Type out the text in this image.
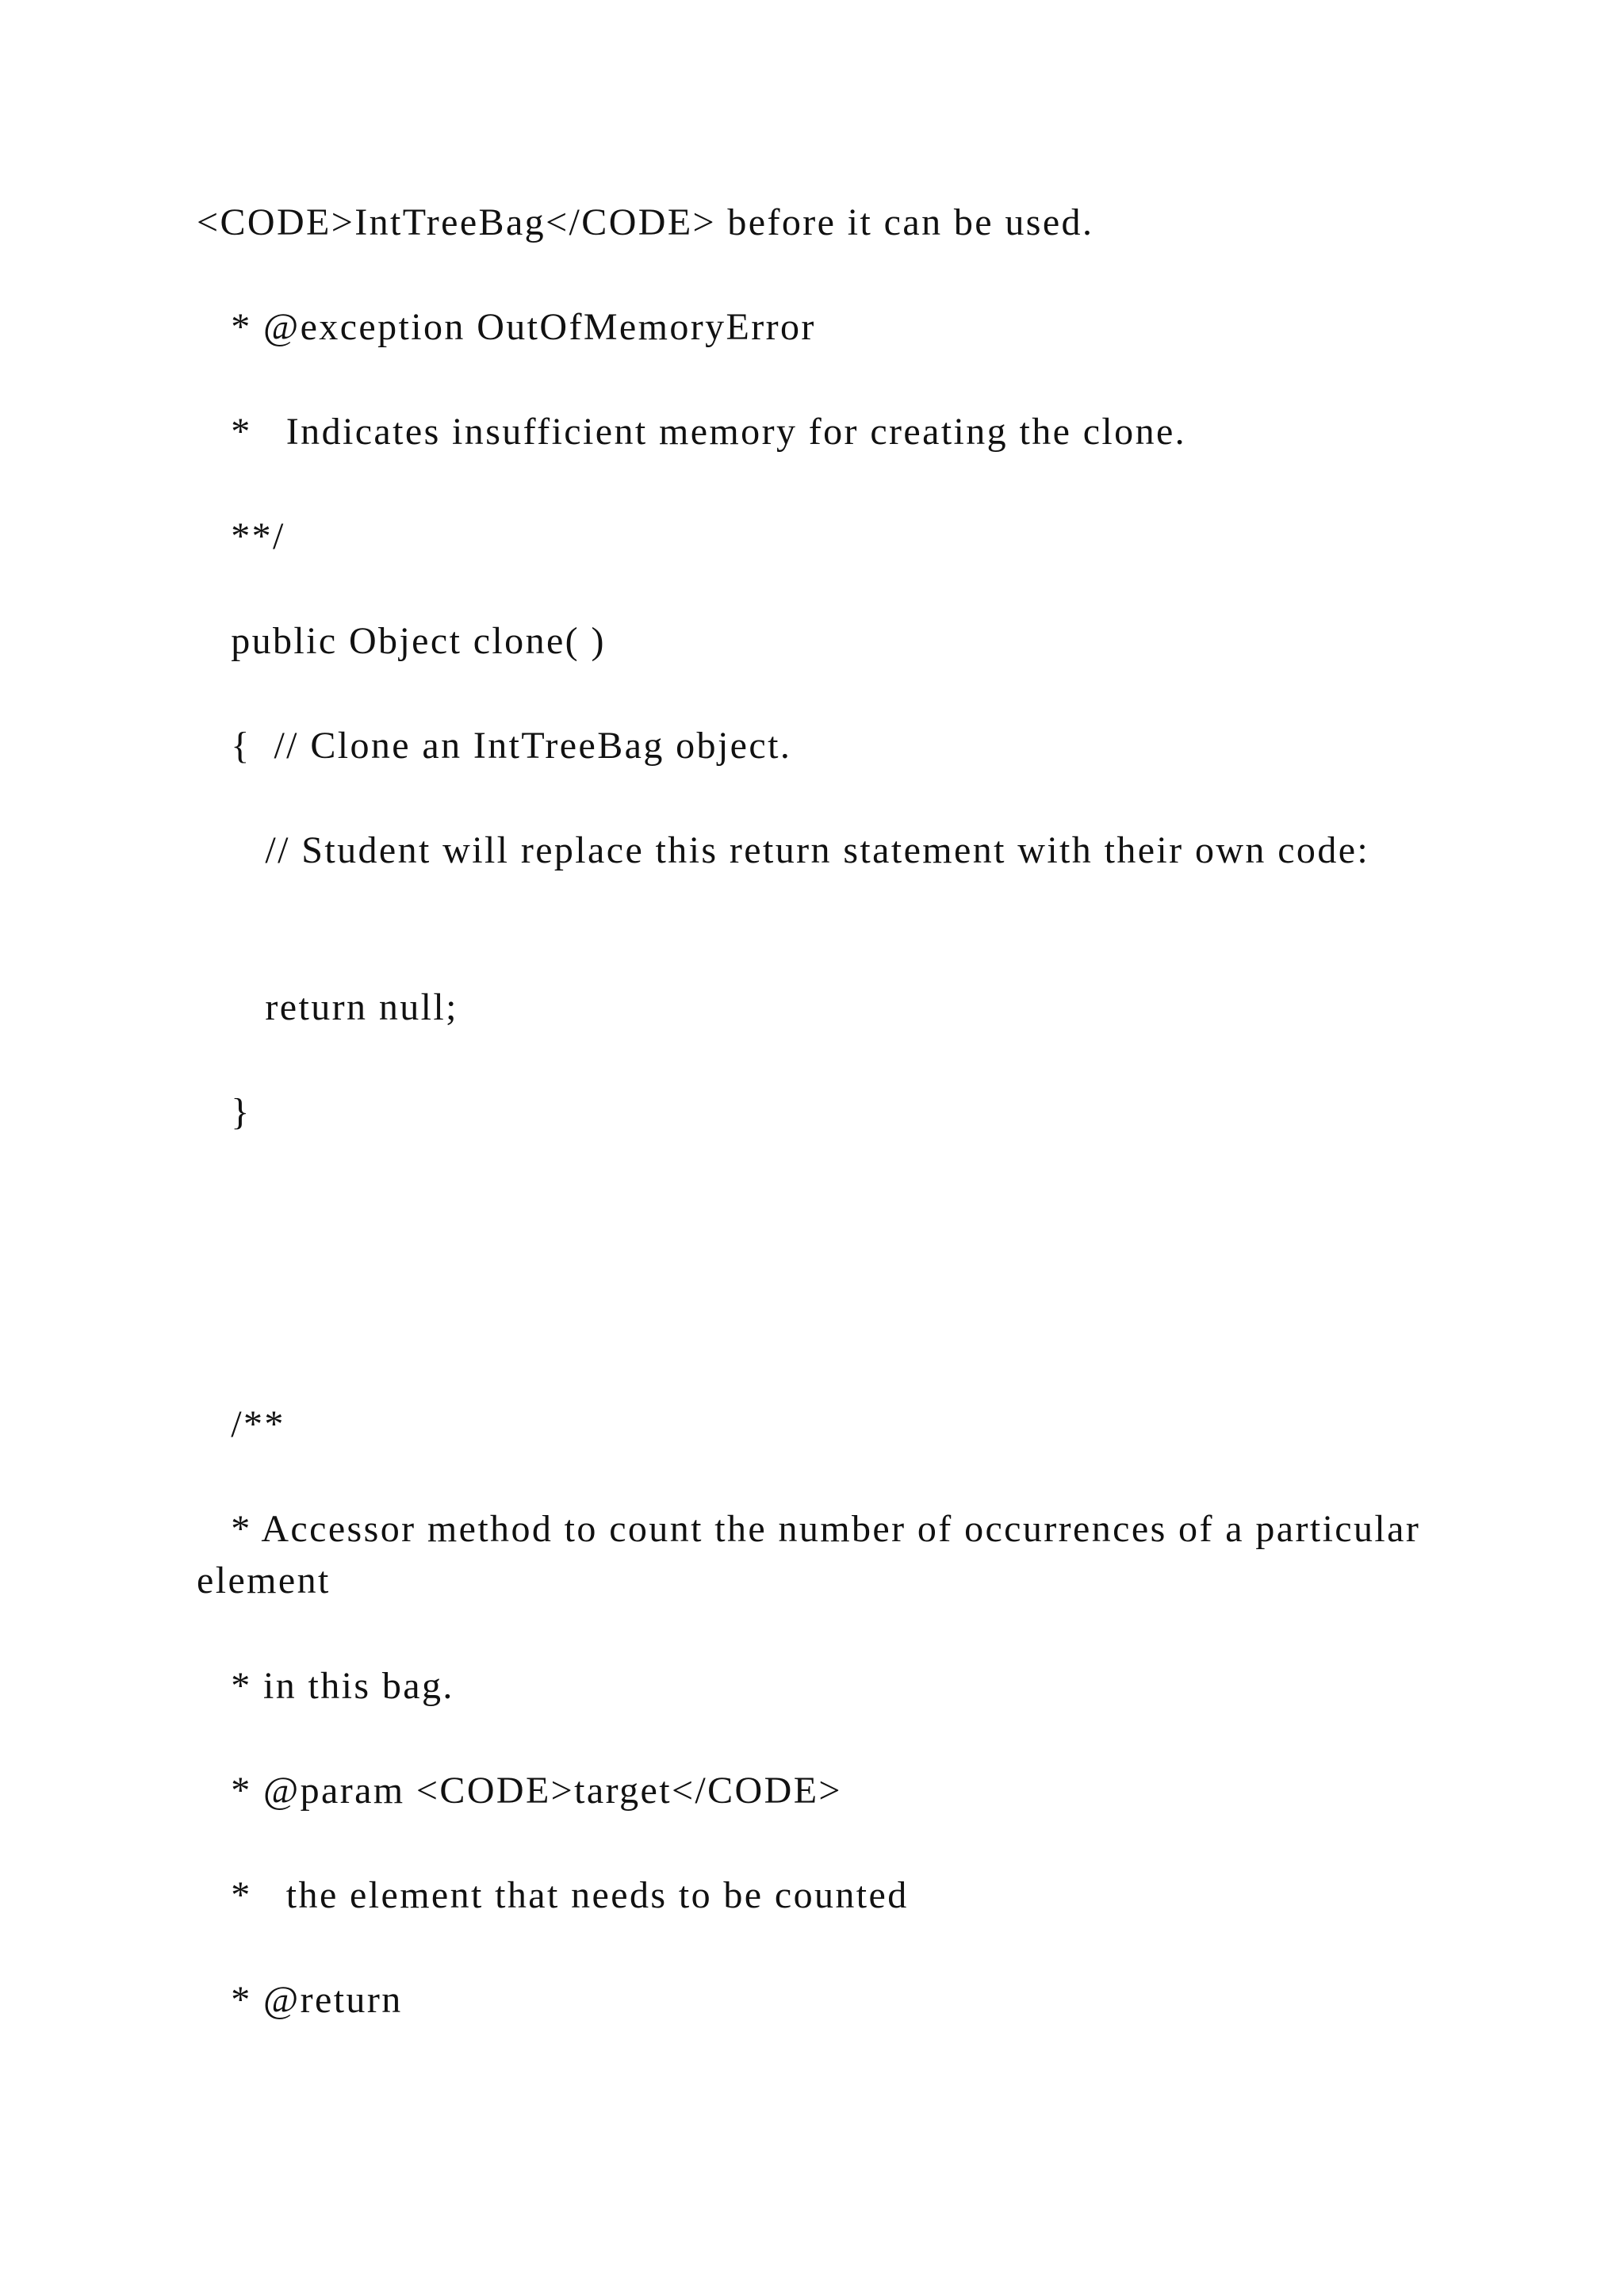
<CODE>IntTreeBag</CODE> before it can be used.

* @exception OutOfMemoryError

*   Indicates insufficient memory for creating the clone.

**/

public Object clone( )

{  // Clone an IntTreeBag object.

// Student will replace this return statement with their own code:

return null;

}

/**

* Accessor method to count the number of occurrences of a particular element

* in this bag.

* @param <CODE>target</CODE>

*   the element that needs to be counted

* @return
